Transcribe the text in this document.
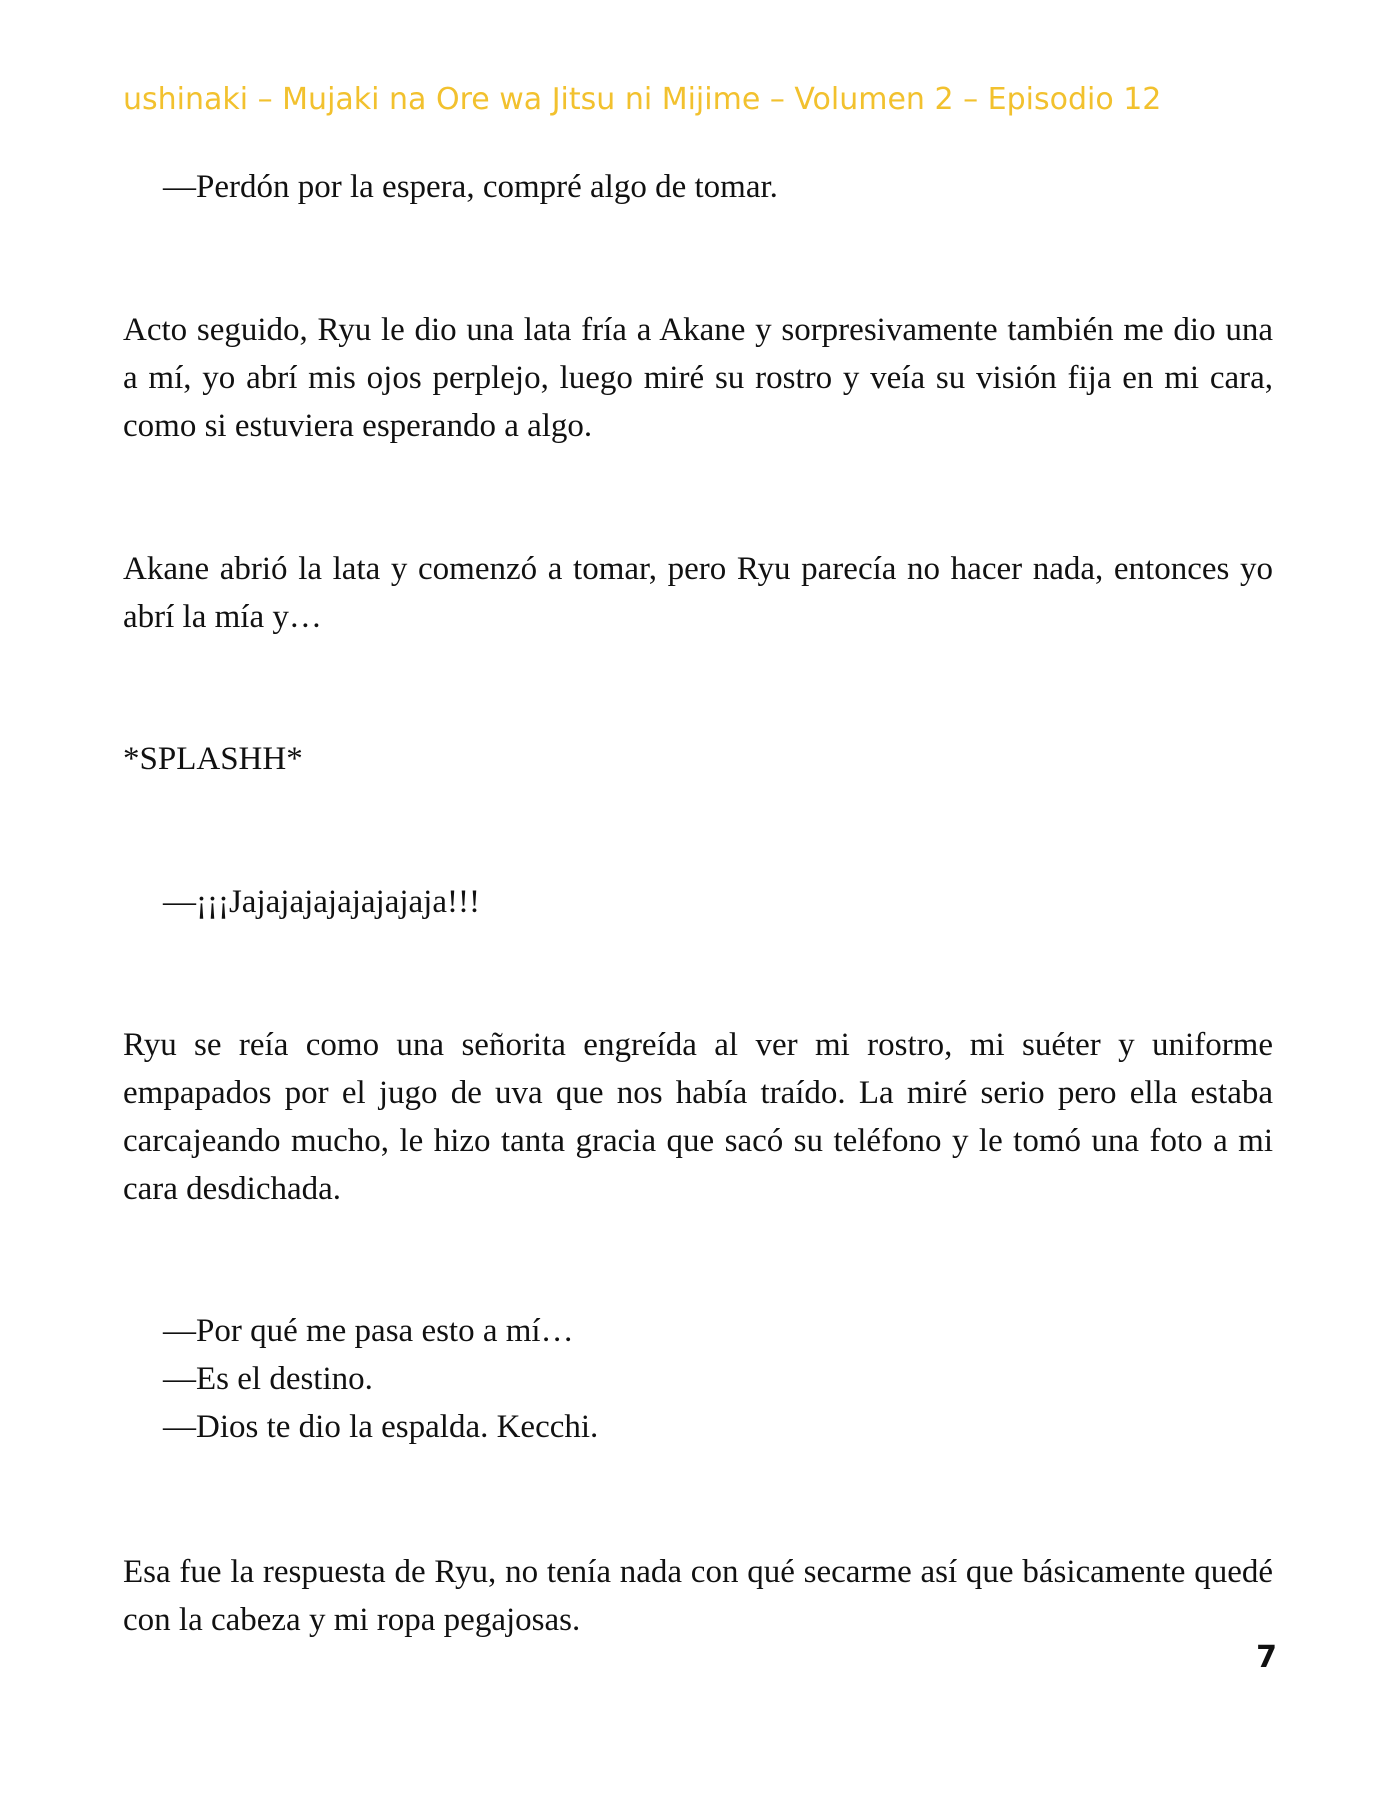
ushinaki – Mujaki na Ore wa Jitsu ni Mijime – Volumen 2 – Episodio 12
—Perdón por la espera, compré algo de tomar.
Acto seguido, Ryu le dio una lata fría a Akane y sorpresivamente también me dio una a mí, yo abrí mis ojos perplejo, luego miré su rostro y veía su visión fija en mi cara, como si estuviera esperando a algo.
Akane abrió la lata y comenzó a tomar, pero Ryu parecía no hacer nada, entonces yo abrí la mía y…
*SPLASHH*
—¡¡¡Jajajajajajajajaja!!!
Ryu se reía como una señorita engreída al ver mi rostro, mi suéter y uniforme empapados por el jugo de uva que nos había traído. La miré serio pero ella estaba carcajeando mucho, le hizo tanta gracia que sacó su teléfono y le tomó una foto a mi cara desdichada.
—Por qué me pasa esto a mí…
—Es el destino.
—Dios te dio la espalda. Kecchi.
Esa fue la respuesta de Ryu, no tenía nada con qué secarme así que básicamente quedé con la cabeza y mi ropa pegajosas.
7
